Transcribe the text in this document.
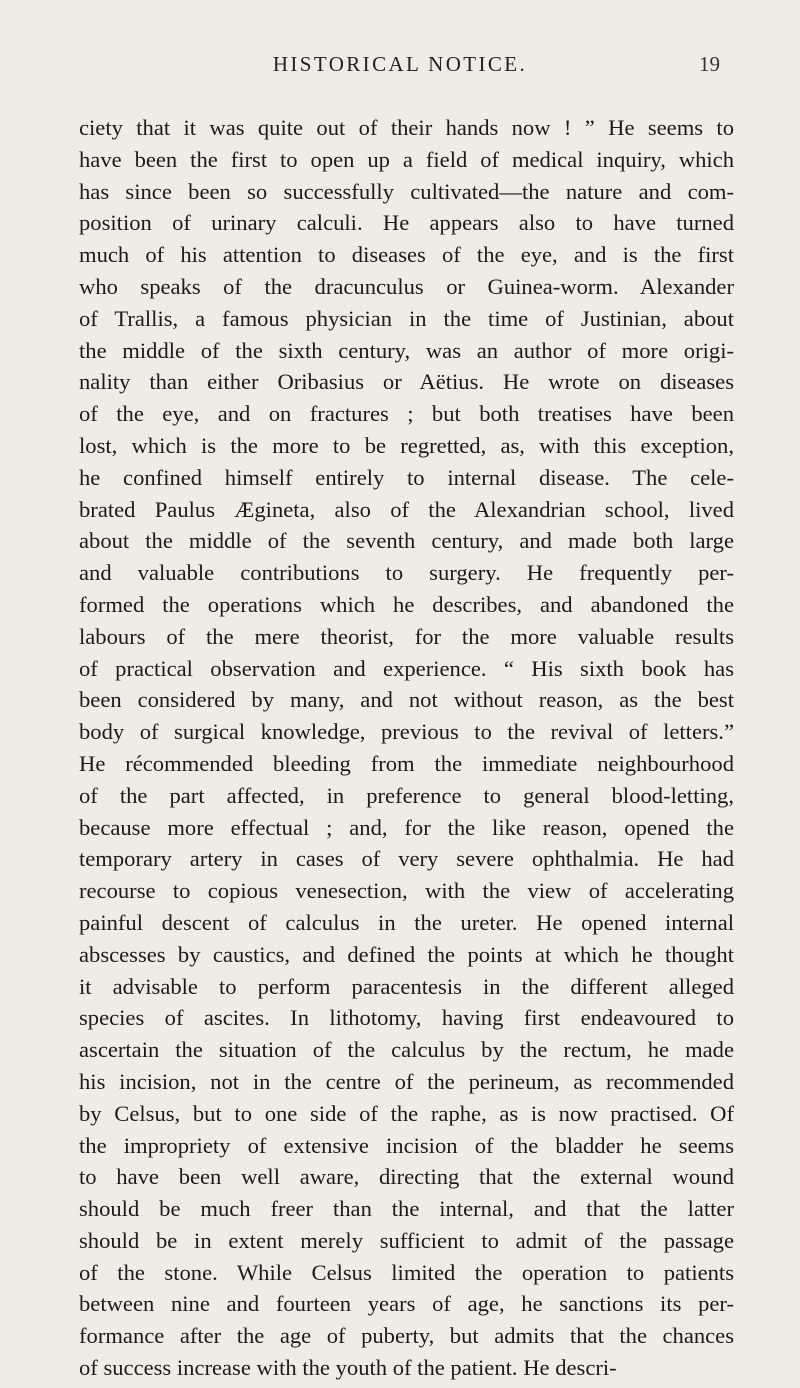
HISTORICAL NOTICE.	19
ciety that it was quite out of their hands now ! ” He seems to
have been the first to open up a field of medical inquiry, which
has since been so successfully cultivated—the nature and com-
position of urinary calculi. He appears also to have turned
much of his attention to diseases of the eye, and is the first
who speaks of the dracunculus or Guinea-worm. Alexander
of Trallis, a famous physician in the time of Justinian, about
the middle of the sixth century, was an author of more origi-
nality than either Oribasius or Aëtius. He wrote on diseases
of the eye, and on fractures ; but both treatises have been
lost, which is the more to be regretted, as, with this exception,
he confined himself entirely to internal disease. The cele-
brated Paulus Ægineta, also of the Alexandrian school, lived
about the middle of the seventh century, and made both large
and valuable contributions to surgery. He frequently per-
formed the operations which he describes, and abandoned the
labours of the mere theorist, for the more valuable results
of practical observation and experience. “ His sixth book has
been considered by many, and not without reason, as the best
body of surgical knowledge, previous to the revival of letters.”
He récommended bleeding from the immediate neighbourhood
of the part affected, in preference to general blood-letting,
because more effectual ; and, for the like reason, opened the
temporary artery in cases of very severe ophthalmia. He had
recourse to copious venesection, with the view of accelerating
painful descent of calculus in the ureter. He opened internal
abscesses by caustics, and defined the points at which he thought
it advisable to perform paracentesis in the different alleged
species of ascites. In lithotomy, having first endeavoured to
ascertain the situation of the calculus by the rectum, he made
his incision, not in the centre of the perineum, as recommended
by Celsus, but to one side of the raphe, as is now practised. Of
the impropriety of extensive incision of the bladder he seems
to have been well aware, directing that the external wound
should be much freer than the internal, and that the latter
should be in extent merely sufficient to admit of the passage
of the stone. While Celsus limited the operation to patients
between nine and fourteen years of age, he sanctions its per-
formance after the age of puberty, but admits that the chances
of success increase with the youth of the patient. He descri-
